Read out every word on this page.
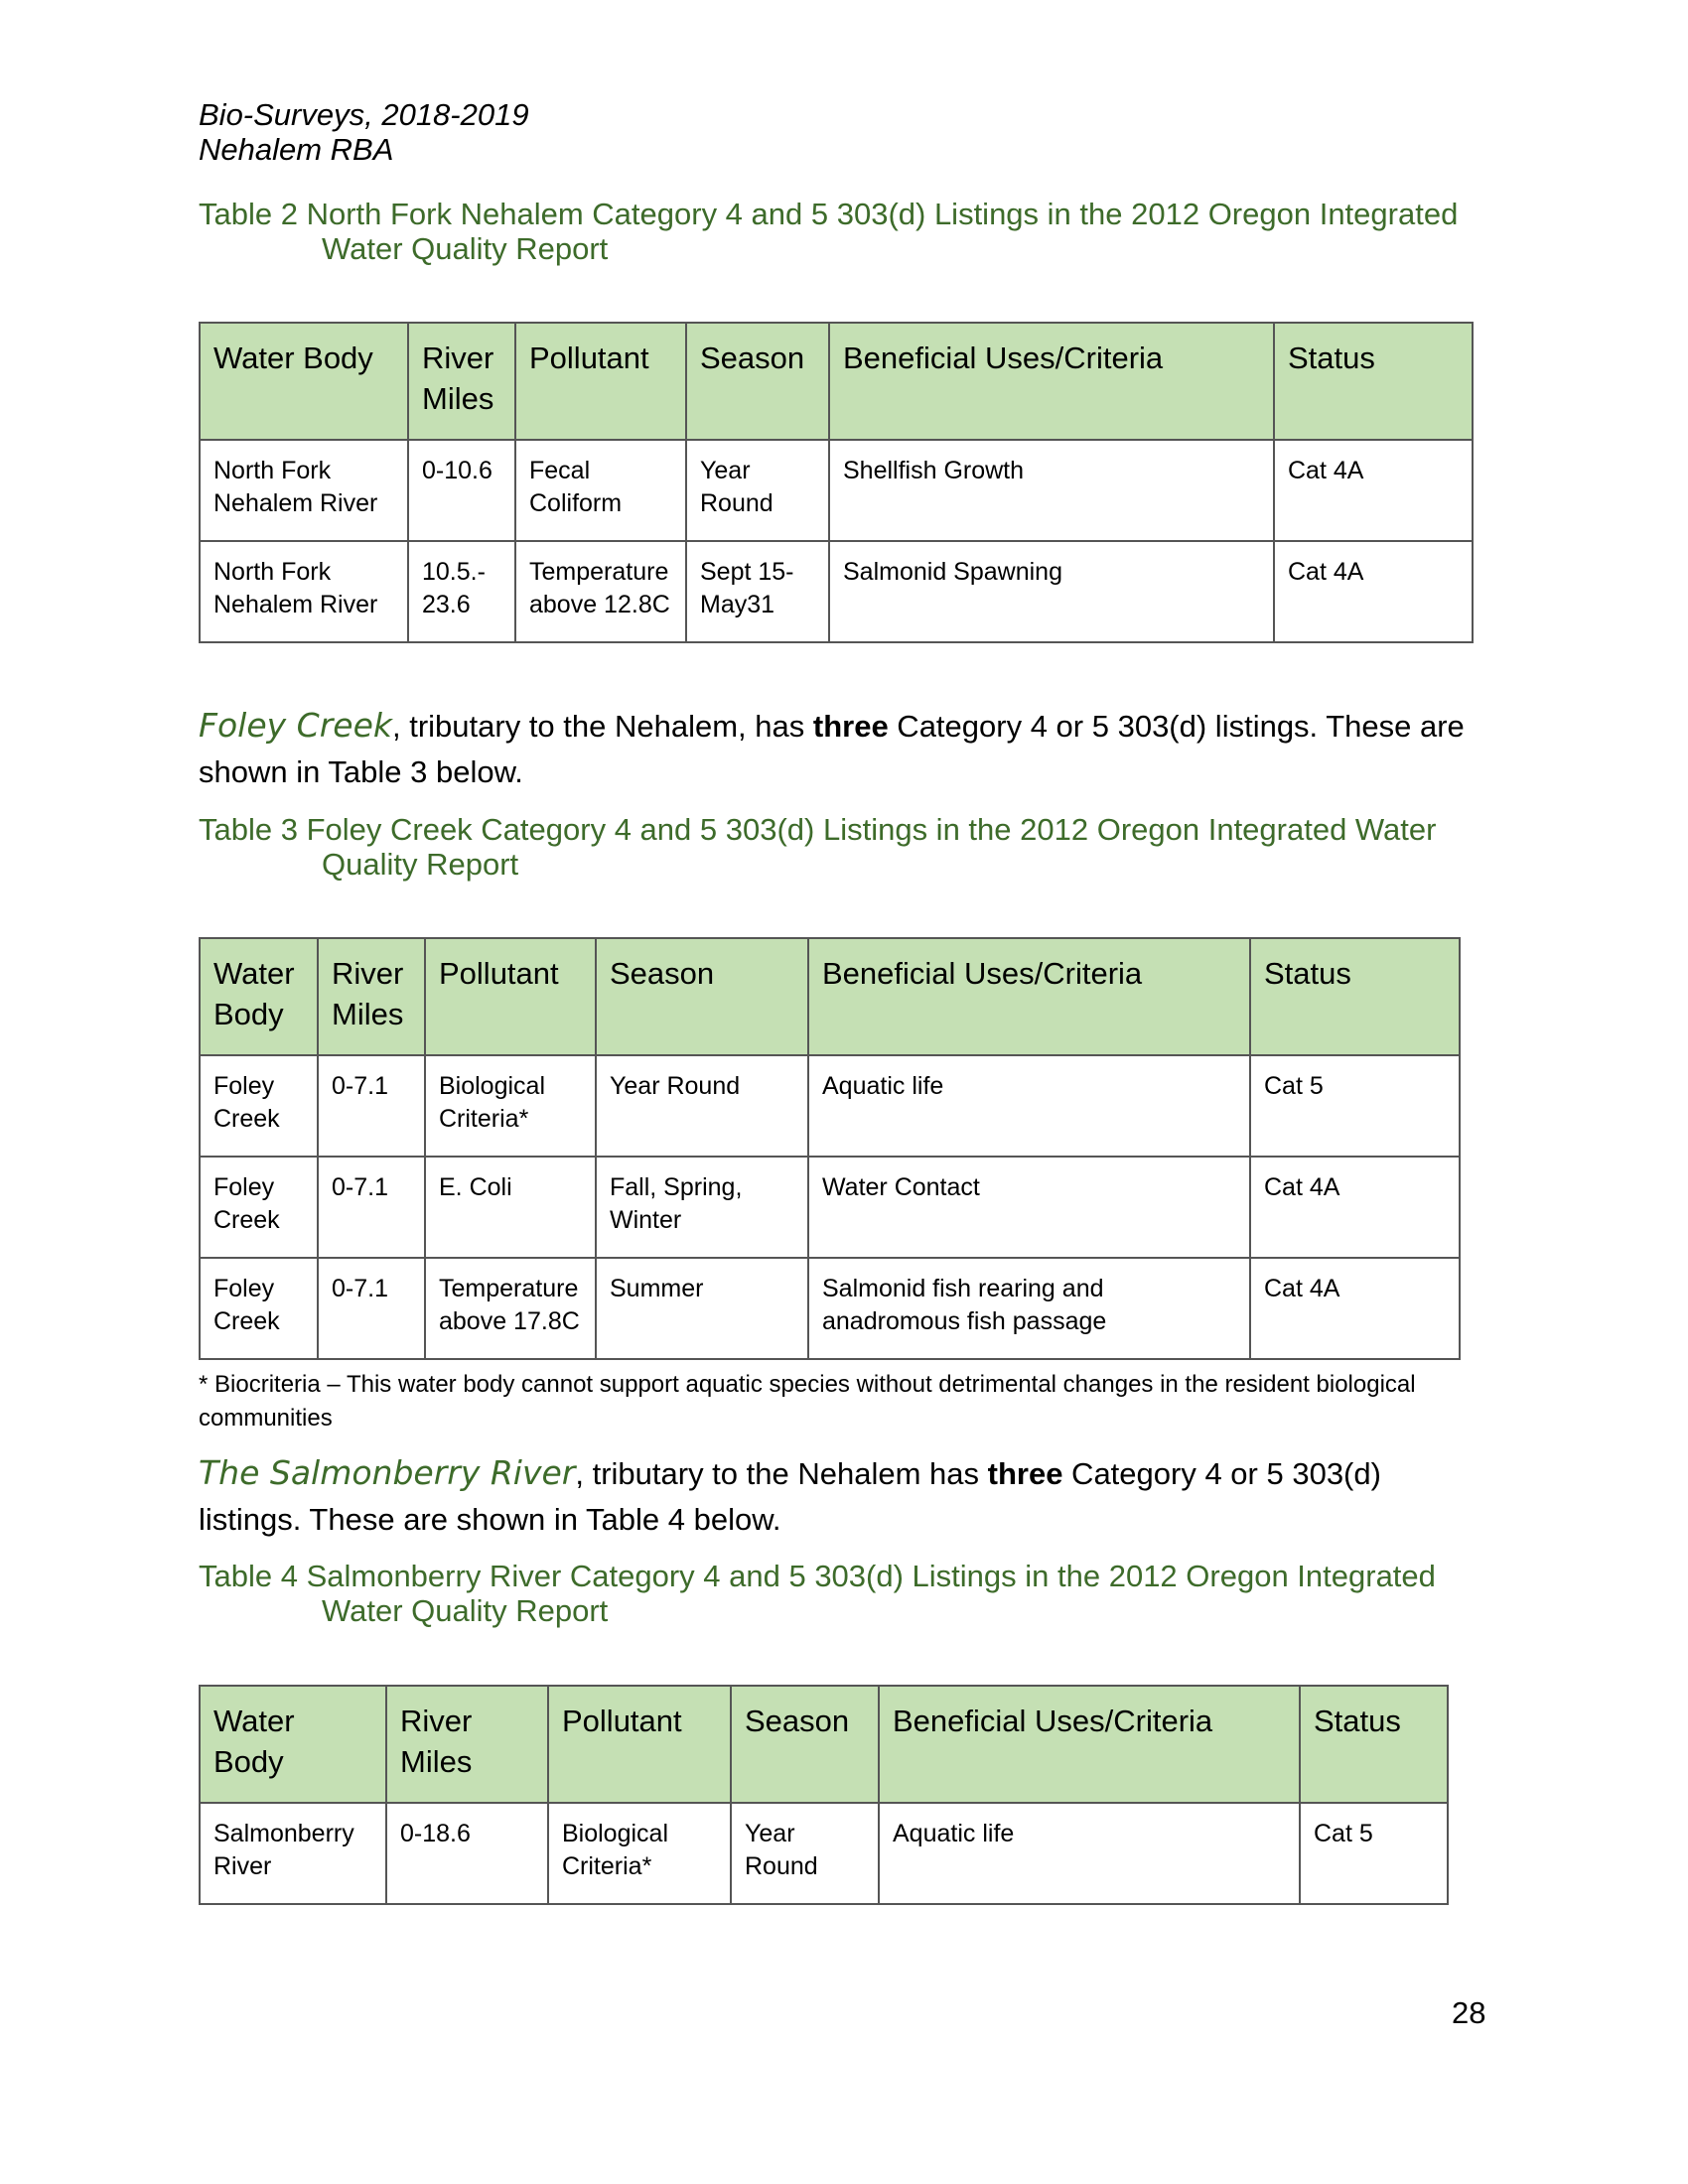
Bio-Surveys, 2018-2019
Nehalem RBA
Table 2 North Fork Nehalem Category 4 and 5 303(d) Listings in the 2012 Oregon Integrated
Water Quality Report
Water Body	River Miles	Pollutant	Season	Beneficial Uses/Criteria	Status
North Fork Nehalem River	0-10.6	Fecal Coliform	Year Round	Shellfish Growth	Cat 4A
North Fork Nehalem River	10.5.- 23.6	Temperature above 12.8C	Sept 15- May31	Salmonid Spawning	Cat 4A
Foley Creek, tributary to the Nehalem, has three Category 4 or 5 303(d) listings. These are shown in Table 3 below.
Table 3 Foley Creek Category 4 and 5 303(d) Listings in the 2012 Oregon Integrated Water
Quality Report
Water Body	River Miles	Pollutant	Season	Beneficial Uses/Criteria	Status
Foley Creek	0-7.1	Biological Criteria*	Year Round	Aquatic life	Cat 5
Foley Creek	0-7.1	E. Coli	Fall, Spring, Winter	Water Contact	Cat 4A
Foley Creek	0-7.1	Temperature above 17.8C	Summer	Salmonid fish rearing and anadromous fish passage	Cat 4A
* Biocriteria – This water body cannot support aquatic species without detrimental changes in the resident biological communities
The Salmonberry River, tributary to the Nehalem has three Category 4 or 5 303(d) listings. These are shown in Table 4 below.
Table 4 Salmonberry River Category 4 and 5 303(d) Listings in the 2012 Oregon Integrated
Water Quality Report
Water Body	River Miles	Pollutant	Season	Beneficial Uses/Criteria	Status
Salmonberry River	0-18.6	Biological Criteria*	Year Round	Aquatic life	Cat 5
28
